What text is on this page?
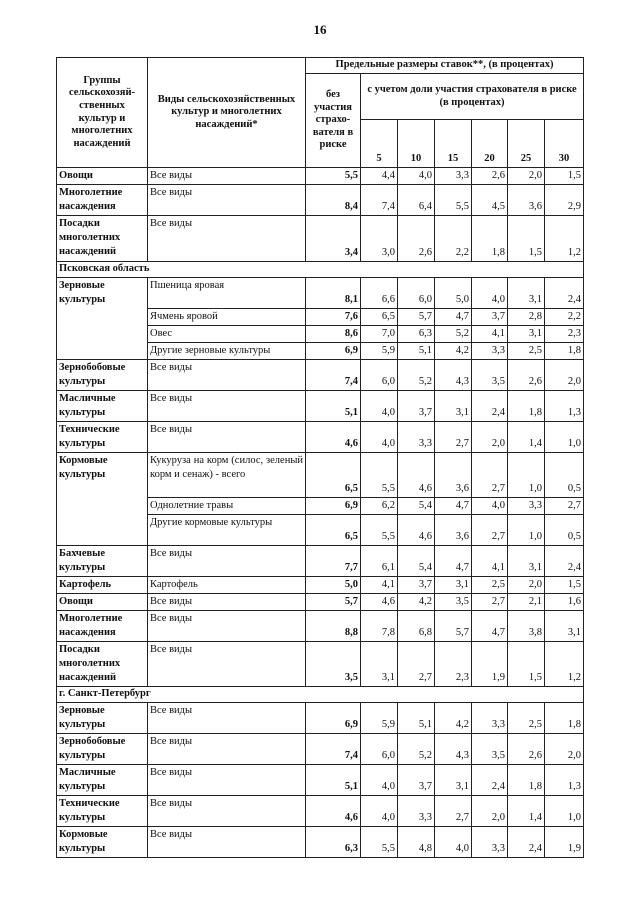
16
Группы сельскохозяй-ственных культур и многолетних насаждений	Виды сельскохозяйственных культур и многолетних насаждений*	Предельные размеры ставок**, (в процентах)						
		без участия страхо-вателя в риске	с учетом доли участия страхователя в риске (в процентах)					
			5	10	15	20	25	30
Овощи	Все виды	5,5	4,4	4,0	3,3	2,6	2,0	1,5
Многолетние насаждения	Все виды	8,4	7,4	6,4	5,5	4,5	3,6	2,9
Посадки многолетних насаждений	Все виды	3,4	3,0	2,6	2,2	1,8	1,5	1,2
Псковская область								
Зерновые культуры	Пшеница яровая	8,1	6,6	6,0	5,0	4,0	3,1	2,4
	Ячмень яровой	7,6	6,5	5,7	4,7	3,7	2,8	2,2
	Овес	8,6	7,0	6,3	5,2	4,1	3,1	2,3
	Другие зерновые культуры	6,9	5,9	5,1	4,2	3,3	2,5	1,8
Зернобобовые культуры	Все виды	7,4	6,0	5,2	4,3	3,5	2,6	2,0
Масличные культуры	Все виды	5,1	4,0	3,7	3,1	2,4	1,8	1,3
Технические культуры	Все виды	4,6	4,0	3,3	2,7	2,0	1,4	1,0
Кормовые культуры	Кукуруза на корм (силос, зеленый корм и сенаж) - всего	6,5	5,5	4,6	3,6	2,7	1,0	0,5
	Однолетние травы	6,9	6,2	5,4	4,7	4,0	3,3	2,7
	Другие кормовые культуры	6,5	5,5	4,6	3,6	2,7	1,0	0,5
Бахчевые культуры	Все виды	7,7	6,1	5,4	4,7	4,1	3,1	2,4
Картофель	Картофель	5,0	4,1	3,7	3,1	2,5	2,0	1,5
Овощи	Все виды	5,7	4,6	4,2	3,5	2,7	2,1	1,6
Многолетние насаждения	Все виды	8,8	7,8	6,8	5,7	4,7	3,8	3,1
Посадки многолетних насаждений	Все виды	3,5	3,1	2,7	2,3	1,9	1,5	1,2
г. Санкт-Петербург								
Зерновые культуры	Все виды	6,9	5,9	5,1	4,2	3,3	2,5	1,8
Зернобобовые культуры	Все виды	7,4	6,0	5,2	4,3	3,5	2,6	2,0
Масличные культуры	Все виды	5,1	4,0	3,7	3,1	2,4	1,8	1,3
Технические культуры	Все виды	4,6	4,0	3,3	2,7	2,0	1,4	1,0
Кормовые культуры	Все виды	6,3	5,5	4,8	4,0	3,3	2,4	1,9
